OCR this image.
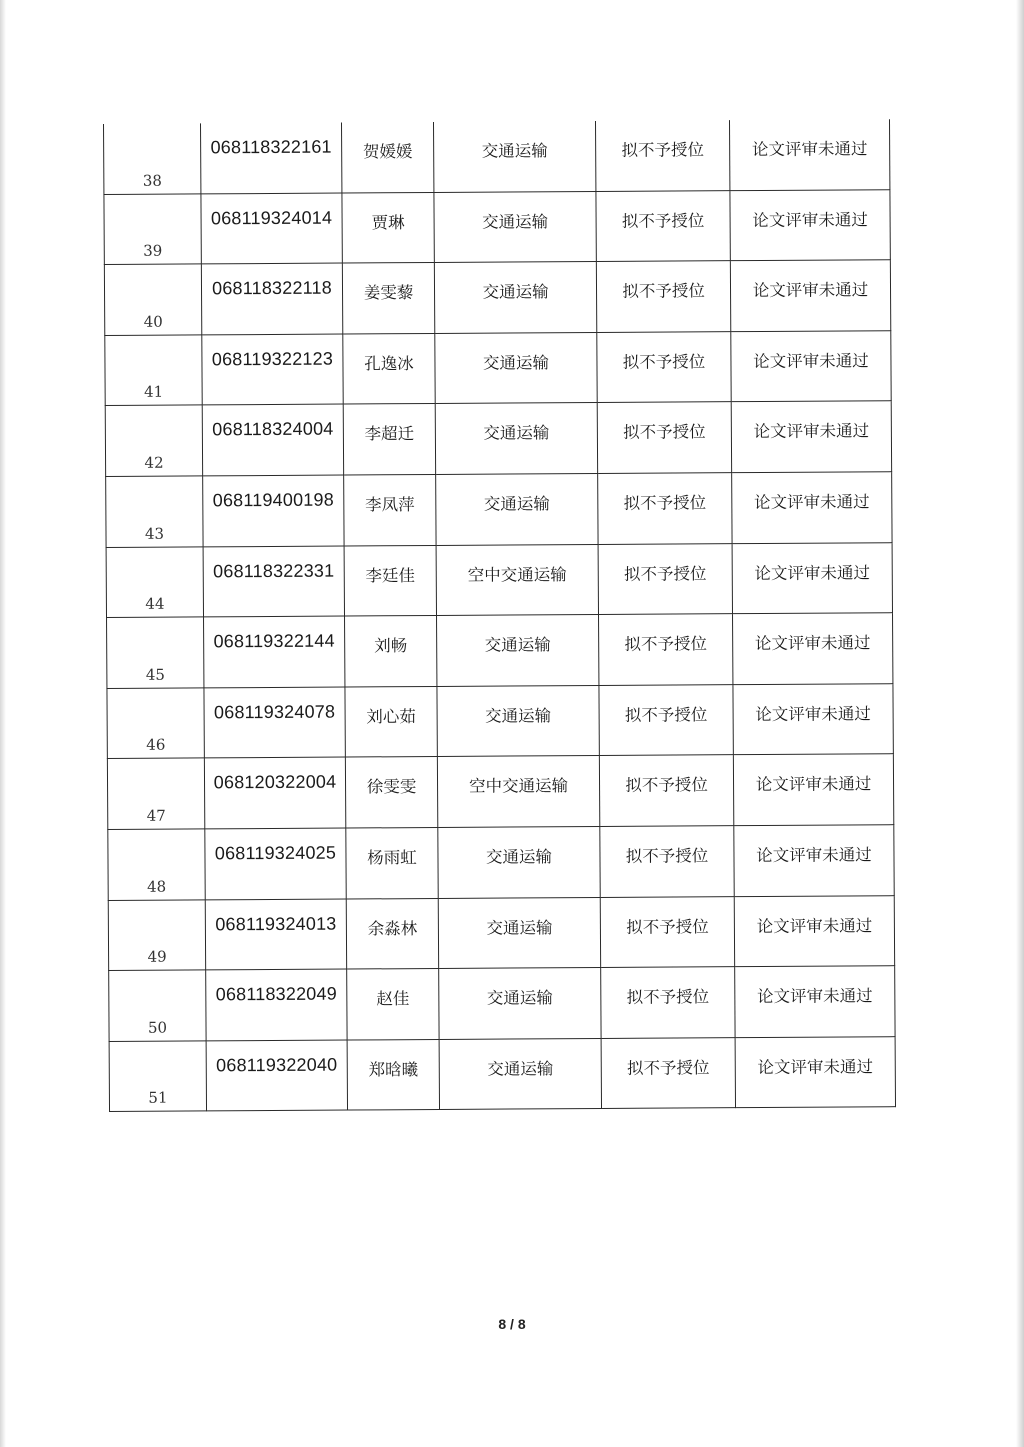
38	068118322161	贺媛媛	交通运输	拟不予授位	论文评审未通过
39	068119324014	贾琳	交通运输	拟不予授位	论文评审未通过
40	068118322118	姜雯藜	交通运输	拟不予授位	论文评审未通过
41	068119322123	孔逸冰	交通运输	拟不予授位	论文评审未通过
42	068118324004	李超迁	交通运输	拟不予授位	论文评审未通过
43	068119400198	李凤萍	交通运输	拟不予授位	论文评审未通过
44	068118322331	李廷佳	空中交通运输	拟不予授位	论文评审未通过
45	068119322144	刘畅	交通运输	拟不予授位	论文评审未通过
46	068119324078	刘心茹	交通运输	拟不予授位	论文评审未通过
47	068120322004	徐雯雯	空中交通运输	拟不予授位	论文评审未通过
48	068119324025	杨雨虹	交通运输	拟不予授位	论文评审未通过
49	068119324013	余淼林	交通运输	拟不予授位	论文评审未通过
50	068118322049	赵佳	交通运输	拟不予授位	论文评审未通过
51	068119322040	郑晗曦	交通运输	拟不予授位	论文评审未通过
8 / 8
